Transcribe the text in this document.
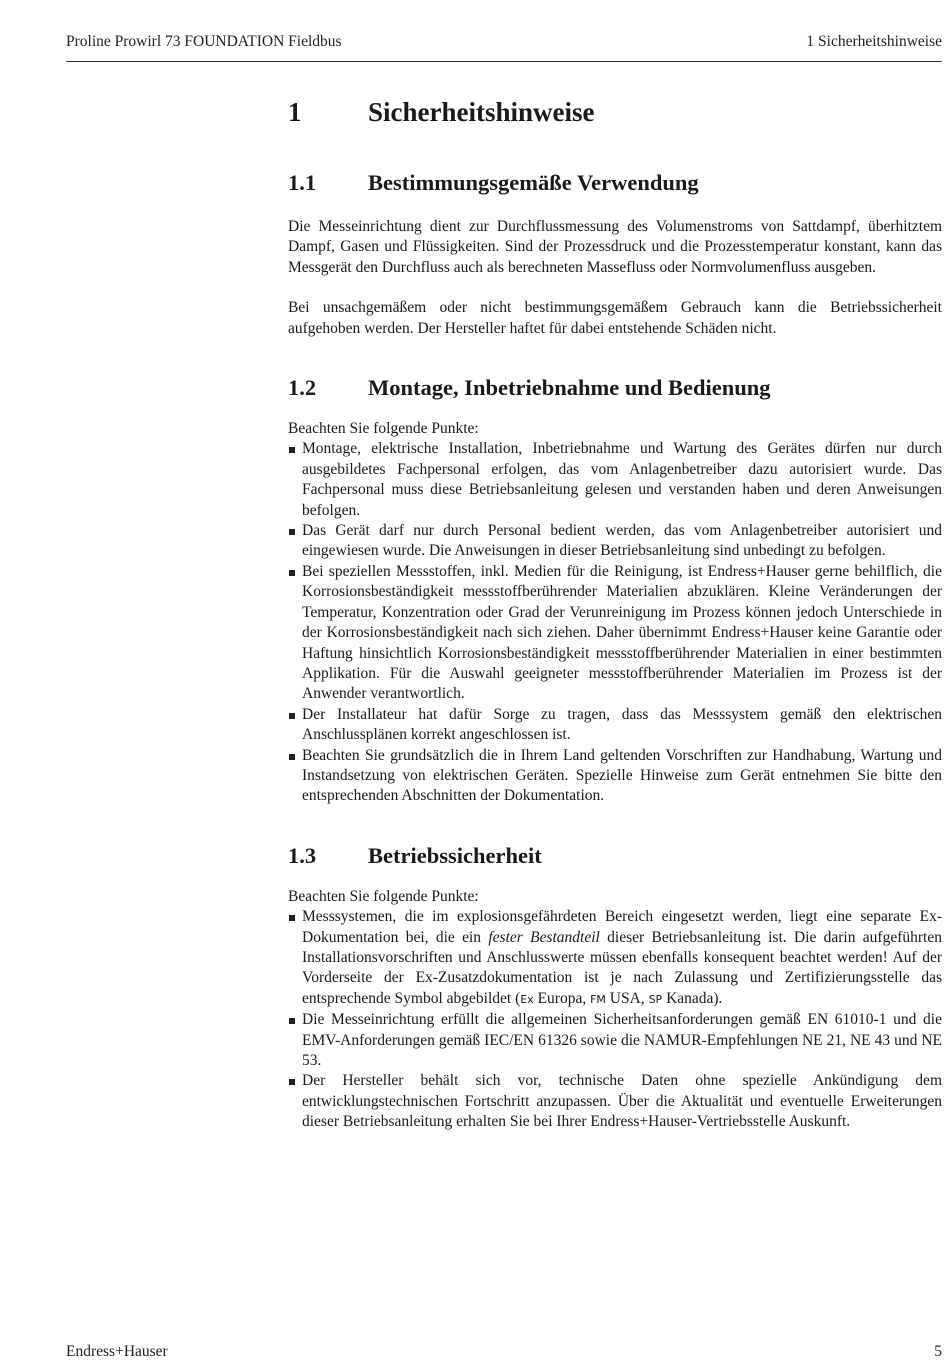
Proline Prowirl 73 FOUNDATION Fieldbus	1 Sicherheitshinweise
1	Sicherheitshinweise
1.1	Bestimmungsgemäße Verwendung

Die Messeinrichtung dient zur Durchflussmessung des Volumenstroms von Sattdampf, überhitztem Dampf, Gasen und Flüssigkeiten. Sind der Prozessdruck und die Prozesstemperatur konstant, kann das Messgerät den Durchfluss auch als berechneten Massefluss oder Normvolumenfluss ausgeben.

Bei unsachgemäßem oder nicht bestimmungsgemäßem Gebrauch kann die Betriebssicherheit aufgehoben werden. Der Hersteller haftet für dabei entstehende Schäden nicht.

1.2	Montage, Inbetriebnahme und Bedienung

Beachten Sie folgende Punkte:

Montage, elektrische Installation, Inbetriebnahme und Wartung des Gerätes dürfen nur durch ausgebildetes Fachpersonal erfolgen, das vom Anlagenbetreiber dazu autorisiert wurde. Das Fachpersonal muss diese Betriebsanleitung gelesen und verstanden haben und deren Anweisungen befolgen.
Das Gerät darf nur durch Personal bedient werden, das vom Anlagenbetreiber autorisiert und eingewiesen wurde. Die Anweisungen in dieser Betriebsanleitung sind unbedingt zu befolgen.
Bei speziellen Messstoffen, inkl. Medien für die Reinigung, ist Endress+Hauser gerne behilflich, die Korrosionsbeständigkeit messstoffberührender Materialien abzuklären. Kleine Veränderungen der Temperatur, Konzentration oder Grad der Verunreinigung im Prozess können jedoch Unterschiede in der Korrosionsbeständigkeit nach sich ziehen. Daher übernimmt Endress+Hauser keine Garantie oder Haftung hinsichtlich Korrosionsbeständigkeit messstoffberührender Materialien in einer bestimmten Applikation. Für die Auswahl geeigneter messstoffberührender Materialien im Prozess ist der Anwender verantwortlich.
Der Installateur hat dafür Sorge zu tragen, dass das Messsystem gemäß den elektrischen Anschlussplänen korrekt angeschlossen ist.
Beachten Sie grundsätzlich die in Ihrem Land geltenden Vorschriften zur Handhabung, Wartung und Instandsetzung von elektrischen Geräten. Spezielle Hinweise zum Gerät entnehmen Sie bitte den entsprechenden Abschnitten der Dokumentation.
1.3	Betriebssicherheit

Beachten Sie folgende Punkte:

Messsystemen, die im explosionsgefährdeten Bereich eingesetzt werden, liegt eine separate Ex-Dokumentation bei, die ein fester Bestandteil dieser Betriebsanleitung ist. Die darin aufgeführten Installationsvorschriften und Anschlusswerte müssen ebenfalls konsequent beachtet werden! Auf der Vorderseite der Ex-Zusatzdokumentation ist je nach Zulassung und Zertifizierungsstelle das entsprechende Symbol abgebildet (Ex Europa, FM USA, SP Kanada).
Die Messeinrichtung erfüllt die allgemeinen Sicherheitsanforderungen gemäß EN 61010-1 und die EMV-Anforderungen gemäß IEC/EN 61326 sowie die NAMUR-Empfehlungen NE 21, NE 43 und NE 53.
Der Hersteller behält sich vor, technische Daten ohne spezielle Ankündigung dem entwicklungstechnischen Fortschritt anzupassen. Über die Aktualität und eventuelle Erweiterungen dieser Betriebsanleitung erhalten Sie bei Ihrer Endress+Hauser-Vertriebsstelle Auskunft.
Endress+Hauser	5
